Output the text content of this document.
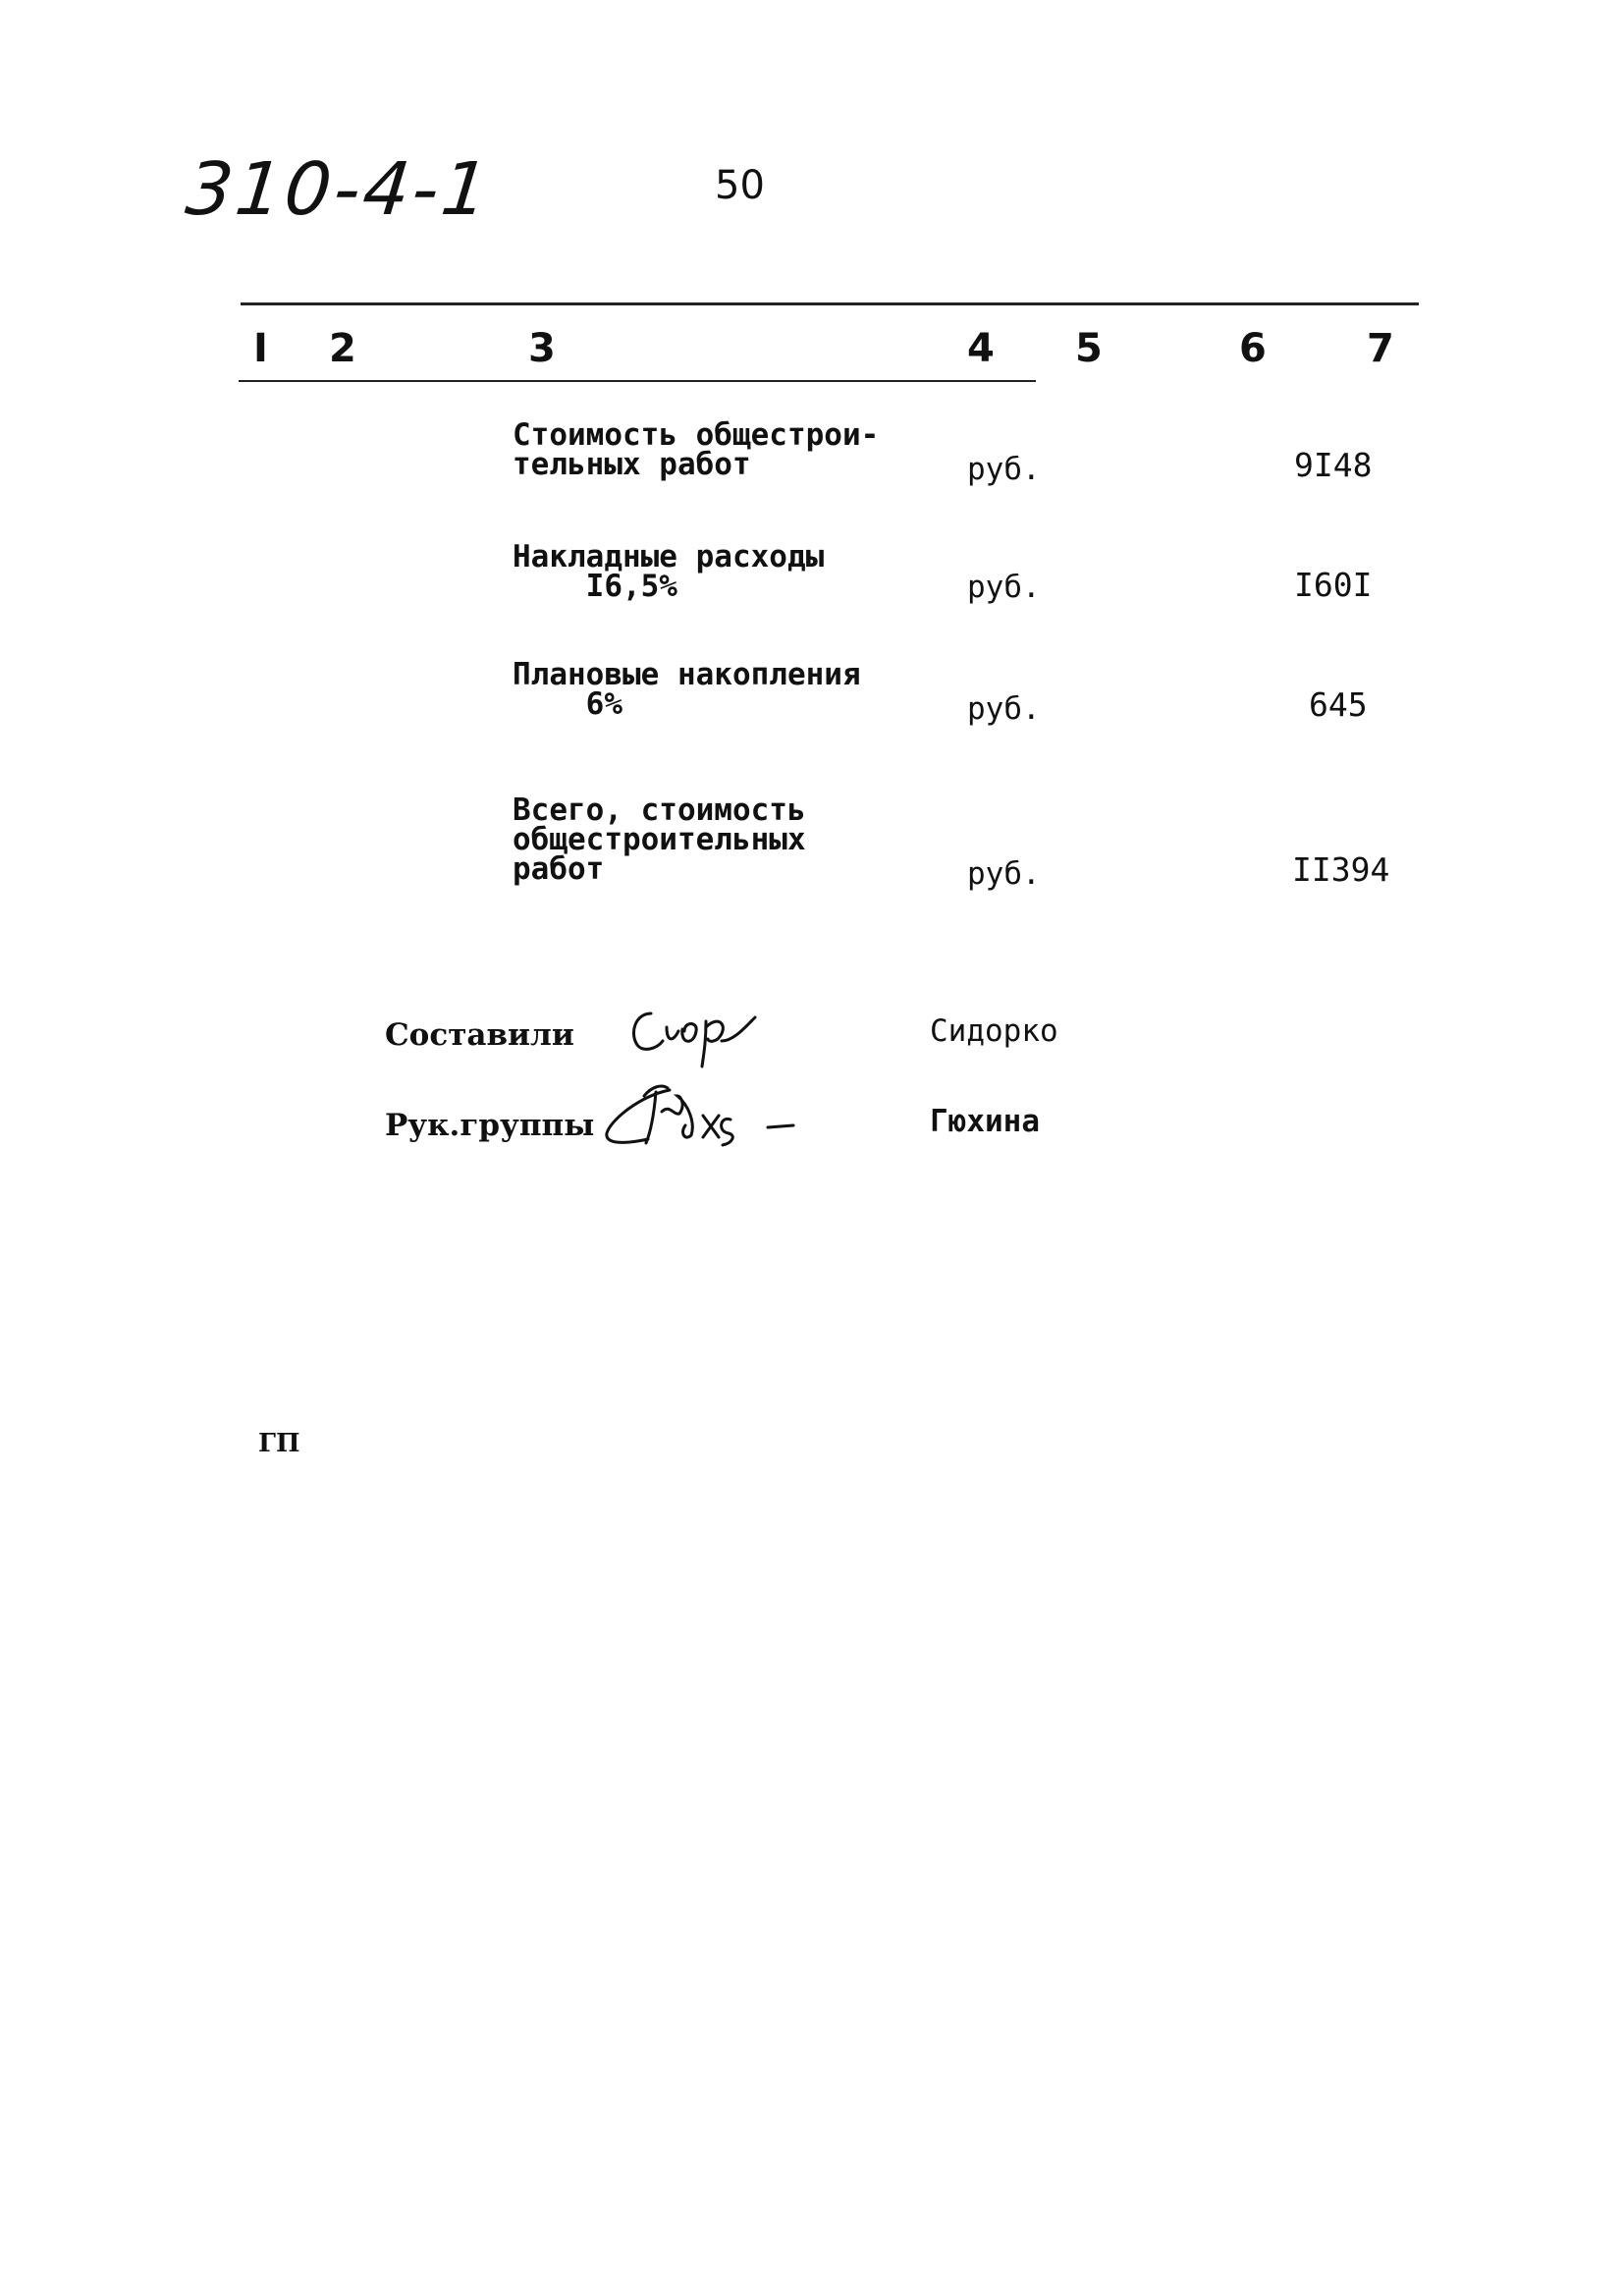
310-4-1	50
I 2	3	4 5	6	7
Стоимость общестрои-
тельных работ	руб.	9I48
Накладные расходы
I6,5%	руб.	I60I
Плановые накопления
6%	руб.	645
Всего, стоимость
общестроительных
работ	руб.	II394
Составили	Сидорко
Рук.группы	Гюхина
ГП
